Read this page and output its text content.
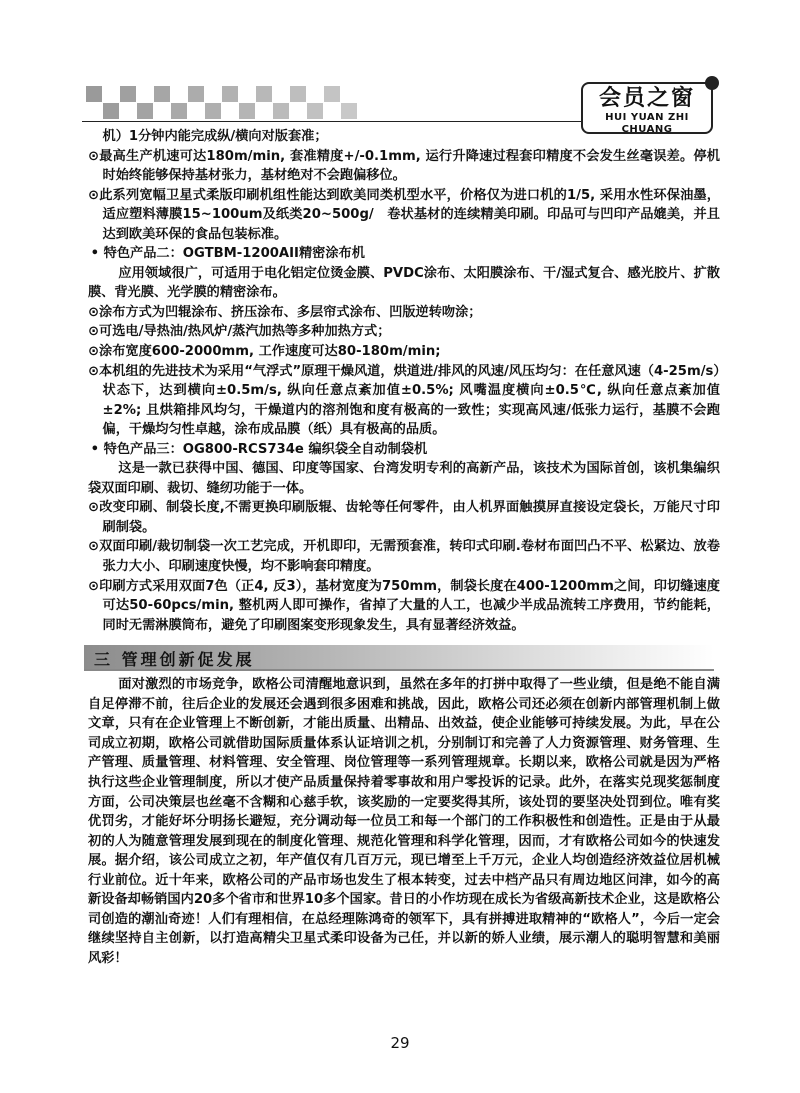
会员之窗
HUI YUAN ZHI CHUANG

机）1分钟内能完成纵/横向对版套准；

⊙最高生产机速可达180m/min, 套准精度+/-0.1mm, 运行升降速过程套印精度不会发生丝毫误差。停机时始终能够保持基材张力，基材绝对不会跑偏移位。

⊙此系列宽幅卫星式柔版印刷机组性能达到欧美同类机型水平，价格仅为进口机的1/5, 采用水性环保油墨，适应塑料薄膜15~100um及纸类20~500g/　卷状基材的连续精美印刷。印品可与凹印产品媲美，并且达到欧美环保的食品包装标准。

• 特色产品二：OGTBM-1200AII精密涂布机

应用领域很广，可适用于电化铝定位烫金膜、PVDC涂布、太阳膜涂布、干/湿式复合、感光胶片、扩散膜、背光膜、光学膜的精密涂布。

⊙涂布方式为凹辊涂布、挤压涂布、多层帘式涂布、凹版逆转吻涂；

⊙可选电/导热油/热风炉/蒸汽加热等多种加热方式；

⊙涂布宽度600-2000mm, 工作速度可达80-180m/min;

⊙本机组的先进技术为采用“气浮式”原理干燥风道，烘道进/排风的风速/风压均匀：在任意风速（4-25m/s）状态下，达到横向±0.5m/s, 纵向任意点紊加值±0.5%; 风嘴温度横向±0.5℃, 纵向任意点紊加值±2%; 且烘箱排风均匀，干燥道内的溶剂饱和度有极高的一致性；实现高风速/低张力运行，基膜不会跑偏，干燥均匀性卓越，涂布成品膜（纸）具有极高的品质。

• 特色产品三：OG800-RCS734e 编织袋全自动制袋机

这是一款已获得中国、德国、印度等国家、台湾发明专利的高新产品，该技术为国际首创，该机集编织袋双面印刷、裁切、缝纫功能于一体。

⊙改变印刷、制袋长度,不需更换印刷版辊、齿轮等任何零件，由人机界面触摸屏直接设定袋长，万能尺寸印刷制袋。

⊙双面印刷/裁切制袋一次工艺完成，开机即印，无需预套准，转印式印刷.卷材布面凹凸不平、松紧边、放卷张力大小、印刷速度快慢，均不影响套印精度。

⊙印刷方式采用双面7色（正4, 反3），基材宽度为750mm，制袋长度在400-1200mm之间，印切缝速度可达50-60pcs/min, 整机两人即可操作，省掉了大量的人工，也减少半成品流转工序费用，节约能耗，同时无需淋膜筒布，避免了印刷图案变形现象发生，具有显著经济效益。

三 管理创新促发展

面对激烈的市场竞争，欧格公司清醒地意识到，虽然在多年的打拼中取得了一些业绩，但是绝不能自满自足停滞不前，往后企业的发展还会遇到很多困难和挑战，因此，欧格公司还必须在创新内部管理机制上做文章，只有在企业管理上不断创新，才能出质量、出精品、出效益，使企业能够可持续发展。为此，早在公司成立初期，欧格公司就借助国际质量体系认证培训之机，分别制订和完善了人力资源管理、财务管理、生产管理、质量管理、材料管理、安全管理、岗位管理等一系列管理规章。长期以来，欧格公司就是因为严格执行这些企业管理制度，所以才使产品质量保持着零事故和用户零投诉的记录。此外，在落实兑现奖惩制度方面，公司决策层也丝毫不含糊和心慈手软，该奖励的一定要奖得其所，该处罚的要坚决处罚到位。唯有奖优罚劣，才能好坏分明扬长避短，充分调动每一位员工和每一个部门的工作积极性和创造性。正是由于从最初的人为随意管理发展到现在的制度化管理、规范化管理和科学化管理，因而，才有欧格公司如今的快速发展。据介绍，该公司成立之初，年产值仅有几百万元，现已增至上千万元，企业人均创造经济效益位居机械行业前位。近十年来，欧格公司的产品市场也发生了根本转变，过去中档产品只有周边地区问津，如今的高新设备却畅销国内20多个省市和世界10多个国家。昔日的小作坊现在成长为省级高新技术企业，这是欧格公司创造的潮汕奇迹！人们有理相信，在总经理陈鸿奇的领军下，具有拼搏进取精神的“欧格人”，今后一定会继续坚持自主创新，以打造高精尖卫星式柔印设备为己任，并以新的娇人业绩，展示潮人的聪明智慧和美丽风彩！

29
